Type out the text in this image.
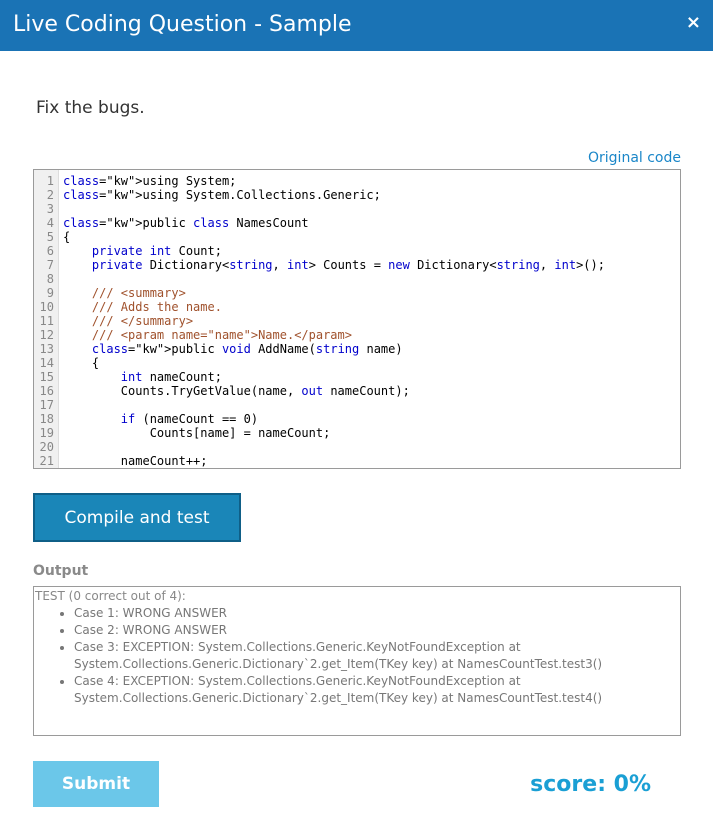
Live Coding Question - Sample	×
Fix the bugs.
Original code
1 class="kw">using System;
2 class="kw">using System.Collections.Generic;
3
4 class="kw">public class NamesCount
5 {
6	private int Count;
7	private Dictionary<string, int> Counts = new Dictionary<string, int>();
8
9 /// <summary>
10 /// Adds the name.
11 /// </summary>
12 /// <param name="name">Name.</param>
13	class="kw">public void AddName(string name)
14 {
15	int nameCount;
16 Counts.TryGetValue(name, out nameCount);
17
18	if (nameCount == 0)
19 Counts[name] = nameCount;
20
21 nameCount++;
Compile and test
Output
TEST (0 correct out of 4):
• Case 1: WRONG ANSWER
• Case 2: WRONG ANSWER
• Case 3: EXCEPTION: System.Collections.Generic.KeyNotFoundException at System.Collections.Generic.Dictionary`2.get_Item(TKey key) at NamesCountTest.test3()
• Case 4: EXCEPTION: System.Collections.Generic.KeyNotFoundException at System.Collections.Generic.Dictionary`2.get_Item(TKey key) at NamesCountTest.test4()
Submit	score: 0%
